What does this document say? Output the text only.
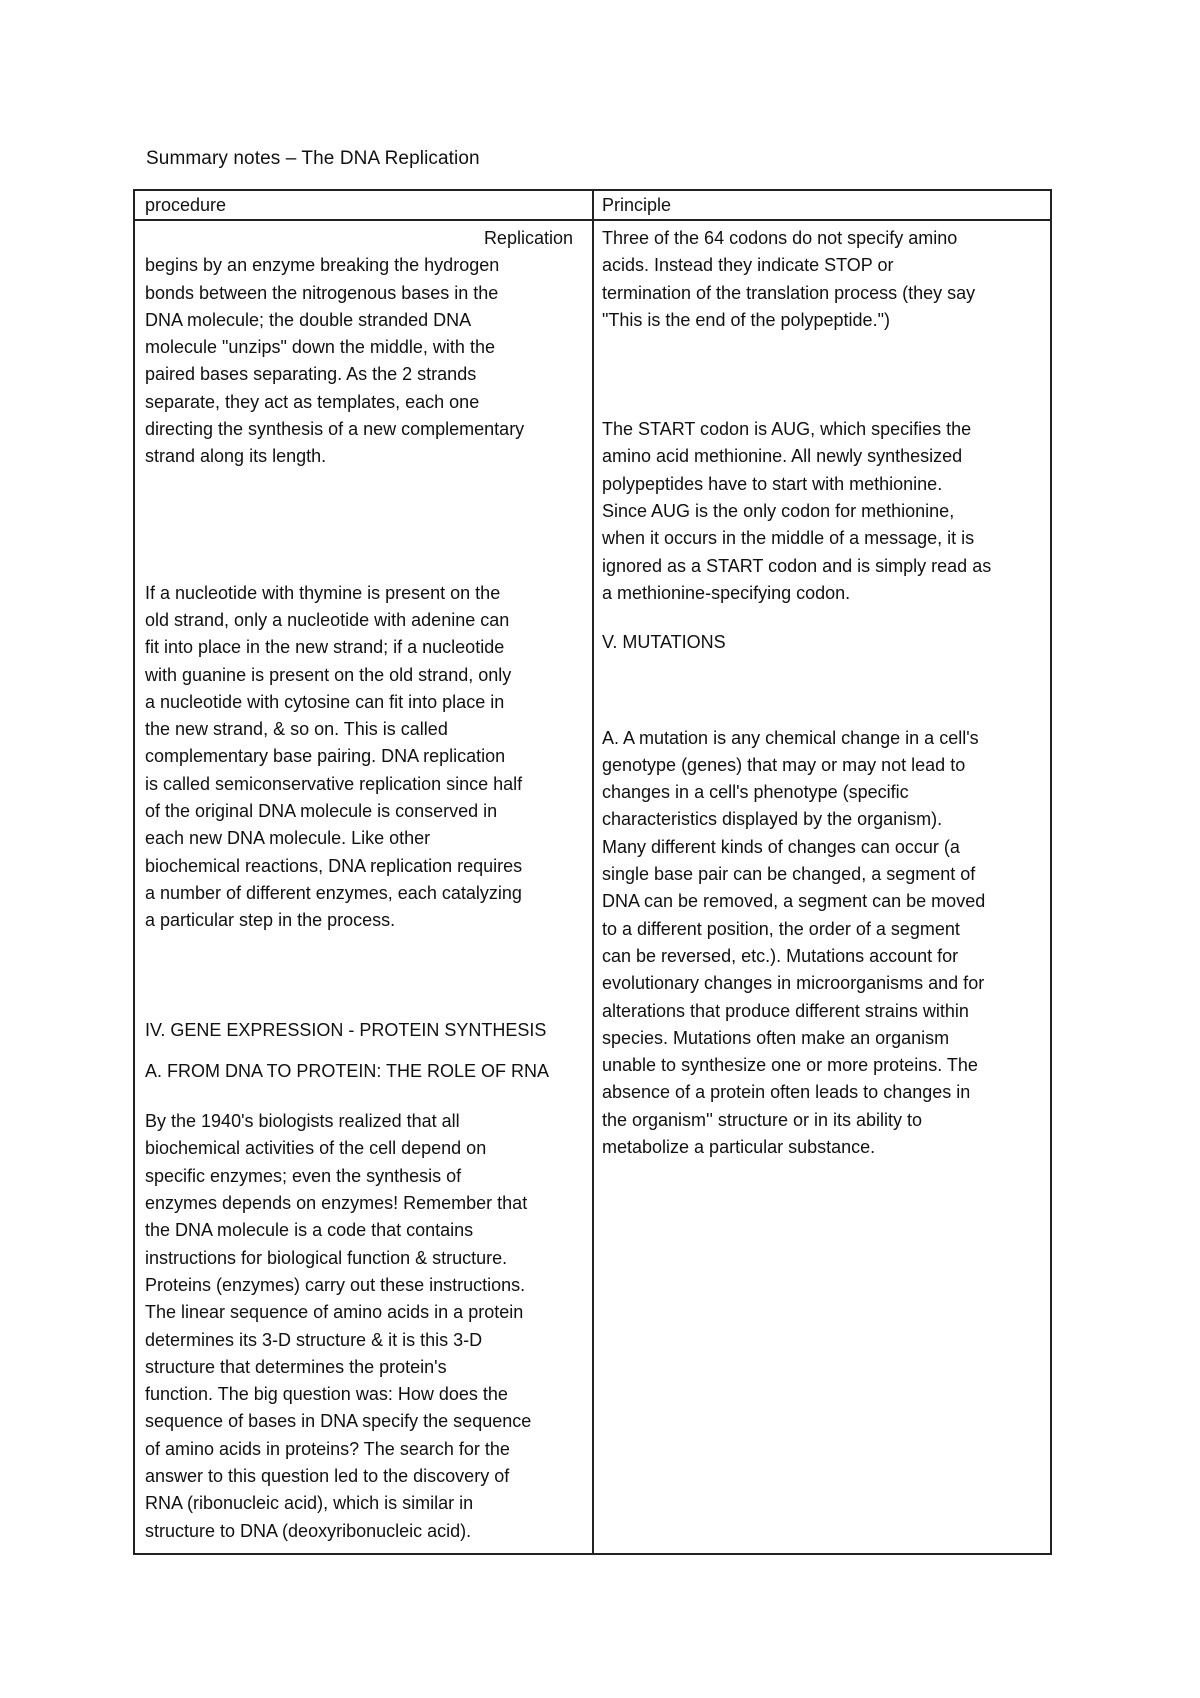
Summary notes – The DNA Replication
procedure	Principle

Replication

begins by an enzyme breaking the hydrogen
bonds between the nitrogenous bases in the
DNA molecule; the double stranded DNA
molecule "unzips" down the middle, with the
paired bases separating. As the 2 strands
separate, they act as templates, each one
directing the synthesis of a new complementary
strand along its length.

If a nucleotide with thymine is present on the
old strand, only a nucleotide with adenine can
fit into place in the new strand; if a nucleotide
with guanine is present on the old strand, only
a nucleotide with cytosine can fit into place in
the new strand, & so on. This is called
complementary base pairing. DNA replication
is called semiconservative replication since half
of the original DNA molecule is conserved in
each new DNA molecule. Like other
biochemical reactions, DNA replication requires
a number of different enzymes, each catalyzing
a particular step in the process.

IV. GENE EXPRESSION - PROTEIN SYNTHESIS

A. FROM DNA TO PROTEIN: THE ROLE OF RNA

By the 1940's biologists realized that all
biochemical activities of the cell depend on
specific enzymes; even the synthesis of
enzymes depends on enzymes! Remember that
the DNA molecule is a code that contains
instructions for biological function & structure.
Proteins (enzymes) carry out these instructions.
The linear sequence of amino acids in a protein
determines its 3-D structure & it is this 3-D
structure that determines the protein's
function. The big question was: How does the
sequence of bases in DNA specify the sequence
of amino acids in proteins? The search for the
answer to this question led to the discovery of
RNA (ribonucleic acid), which is similar in
structure to DNA (deoxyribonucleic acid).

Three of the 64 codons do not specify amino
acids. Instead they indicate STOP or
termination of the translation process (they say
"This is the end of the polypeptide.")

The START codon is AUG, which specifies the
amino acid methionine. All newly synthesized
polypeptides have to start with methionine.
Since AUG is the only codon for methionine,
when it occurs in the middle of a message, it is
ignored as a START codon and is simply read as
a methionine-specifying codon.

V. MUTATIONS

A. A mutation is any chemical change in a cell's
genotype (genes) that may or may not lead to
changes in a cell's phenotype (specific
characteristics displayed by the organism).
Many different kinds of changes can occur (a
single base pair can be changed, a segment of
DNA can be removed, a segment can be moved
to a different position, the order of a segment
can be reversed, etc.). Mutations account for
evolutionary changes in microorganisms and for
alterations that produce different strains within
species. Mutations often make an organism
unable to synthesize one or more proteins. The
absence of a protein often leads to changes in
the organism'' structure or in its ability to
metabolize a particular substance.
